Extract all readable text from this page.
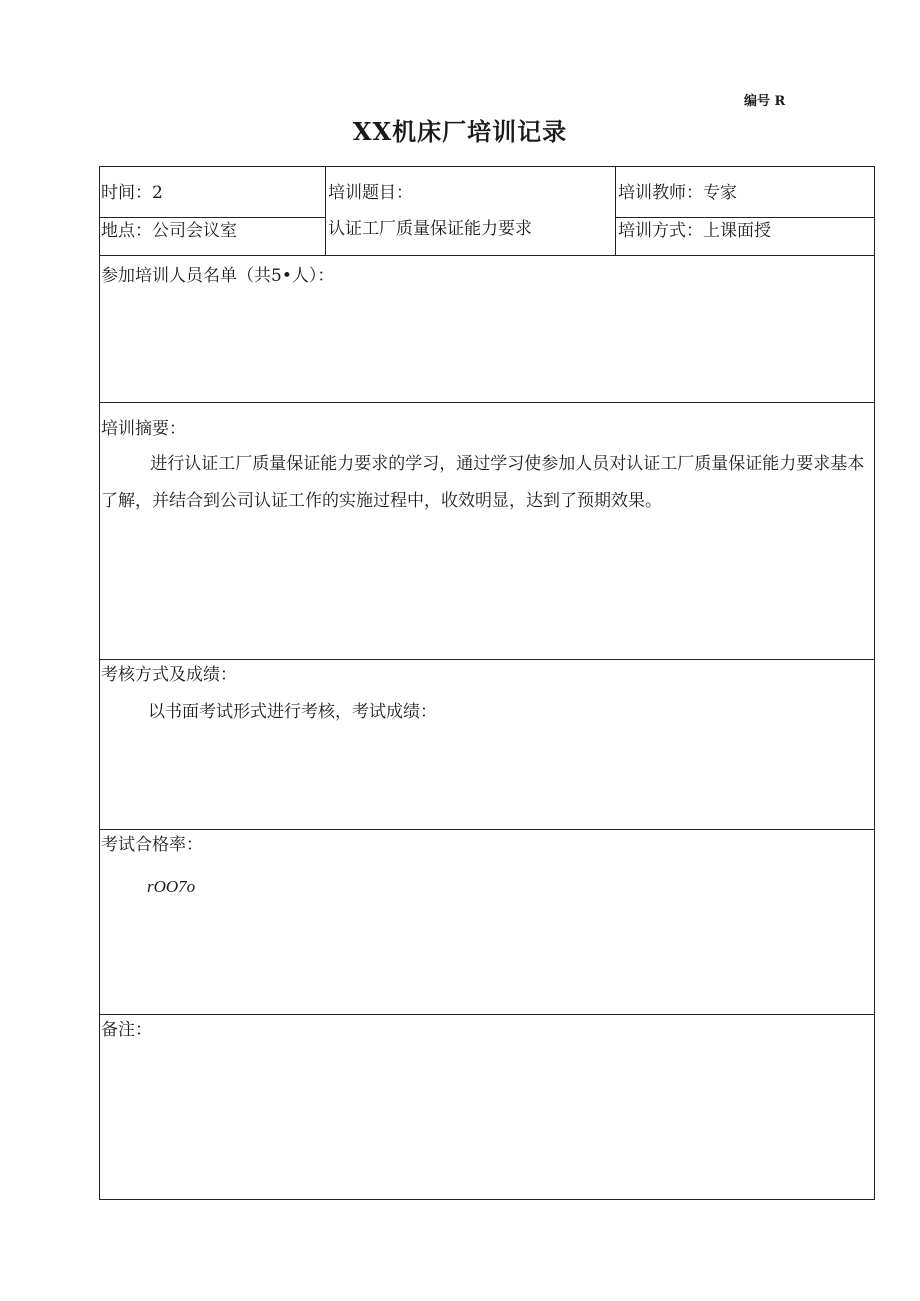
编号 R
XX机床厂培训记录
时间：2
地点：公司会议室
培训题目：
认证工厂质量保证能力要求
培训教师：专家
培训方式：上课面授
参加培训人员名单（共5•人）：
培训摘要：
进行认证工厂质量保证能力要求的学习，通过学习使参加人员对认证工厂质量保证能力要求基本了解，并结合到公司认证工作的实施过程中，收效明显，达到了预期效果。
考核方式及成绩：
以书面考试形式进行考核，考试成绩：
考试合格率：
rOO7o
备注：
